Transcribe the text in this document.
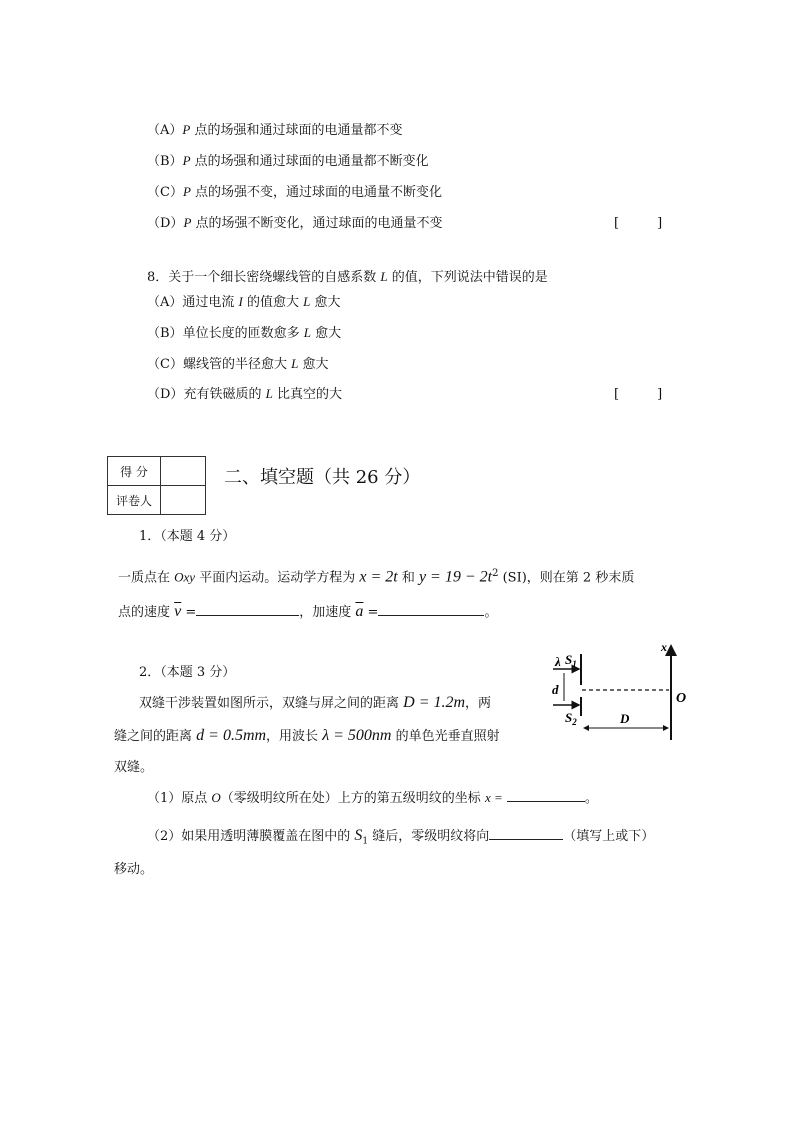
（A）P 点的场强和通过球面的电通量都不变
（B）P 点的场强和通过球面的电通量都不断变化
（C）P 点的场强不变，通过球面的电通量不断变化
（D）P 点的场强不断变化，通过球面的电通量不变	[	]
8．关于一个细长密绕螺线管的自感系数 L 的值，下列说法中错误的是
（A）通过电流 I 的值愈大 L 愈大
（B）单位长度的匝数愈多 L 愈大
（C）螺线管的半径愈大 L 愈大
（D）充有铁磁质的 L 比真空的大	[	]
得 分	
评卷人	
二、填空题（共 26 分）
1．（本题 4 分）
一质点在 Oxy 平面内运动。运动学方程为 x = 2t 和 $y = 19 - 2t^2$ (SI)，则在第 2 秒末质
点的速度 $\overline{v}$ =	，加速度 $\overline{a}$ =	。
2．（本题 3 分）
双缝干涉装置如图所示，双缝与屏之间的距离 D = 1.2m，两
缝之间的距离 d = 0.5mm，用波长 λ = 500nm 的单色光垂直照射
双缝。
（1）原点 O（零级明纹所在处）上方的第五级明纹的坐标 x =	。
（2）如果用透明薄膜覆盖在图中的 $S_1$ 缝后，零级明纹将向	（填写上或下）
移动。
λ $S_1$
$S_2$
d
D
O
x
